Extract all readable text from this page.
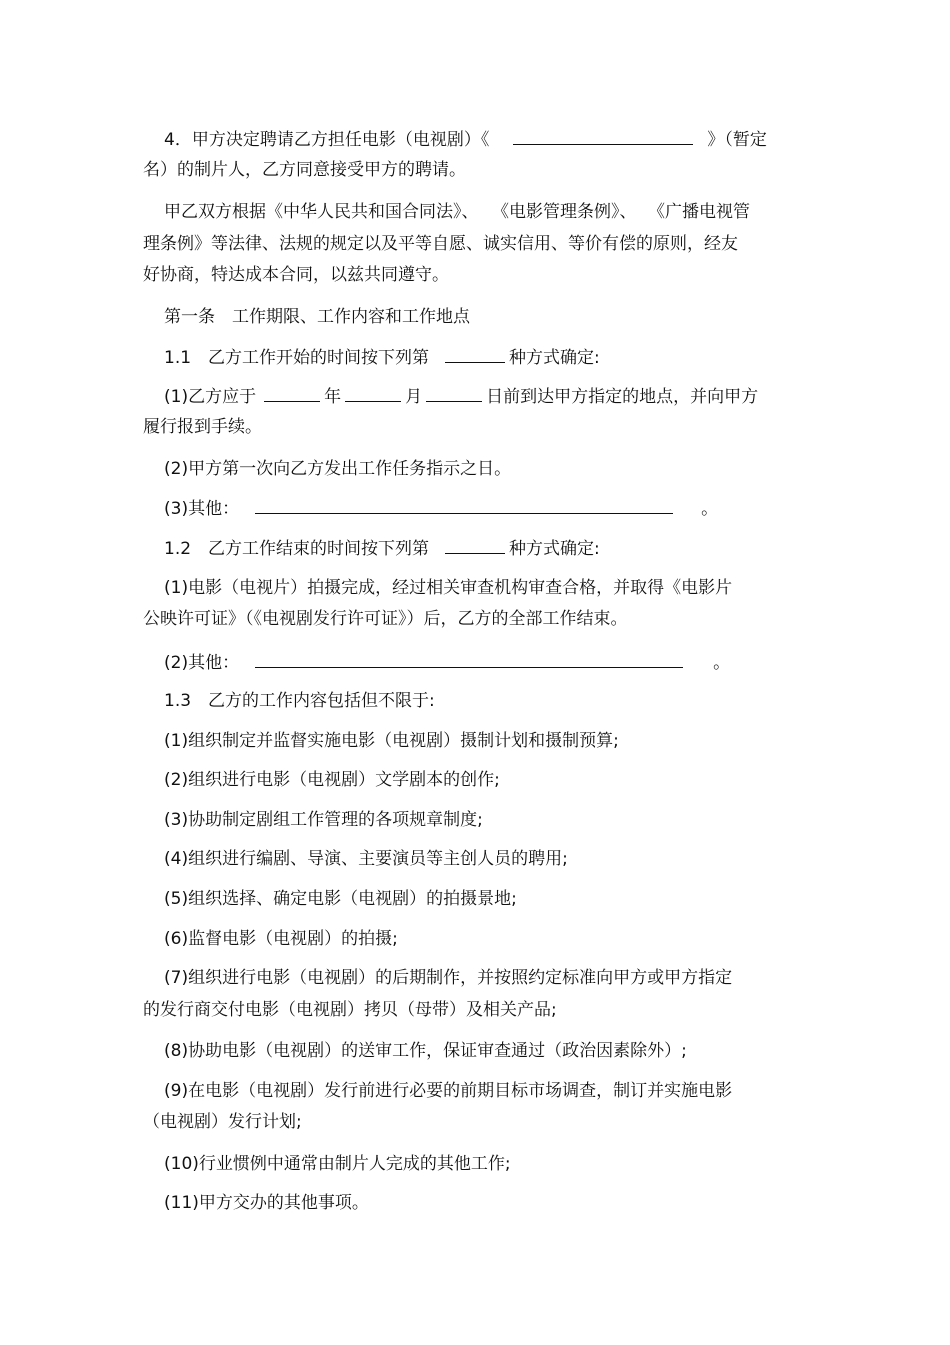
4．甲方决定聘请乙方担任电影（电视剧）《	》（暂定
名）的制片人，乙方同意接受甲方的聘请。
甲乙双方根据《中华人民共和国合同法》、 《电影管理条例》、 《广播电视管
理条例》等法律、法规的规定以及平等自愿、诚实信用、等价有偿的原则，经友
好协商，特达成本合同，以兹共同遵守。
第一条　工作期限、工作内容和工作地点
1.1　乙方工作开始的时间按下列第	种方式确定:
(1)乙方应于	年	月	日前到达甲方指定的地点，并向甲方
履行报到手续。
(2)甲方第一次向乙方发出工作任务指示之日。
(3)其他：	。
1.2　乙方工作结束的时间按下列第	种方式确定:
(1)电影（电视片）拍摄完成，经过相关审查机构审查合格，并取得《电影片
公映许可证》（《电视剧发行许可证》）后，乙方的全部工作结束。
(2)其他：	。
1.3　乙方的工作内容包括但不限于:
(1)组织制定并监督实施电影（电视剧）摄制计划和摄制预算;
(2)组织进行电影（电视剧）文学剧本的创作;
(3)协助制定剧组工作管理的各项规章制度;
(4)组织进行编剧、导演、主要演员等主创人员的聘用;
(5)组织选择、确定电影（电视剧）的拍摄景地;
(6)监督电影（电视剧）的拍摄;
(7)组织进行电影（电视剧）的后期制作，并按照约定标准向甲方或甲方指定
的发行商交付电影（电视剧）拷贝（母带）及相关产品;
(8)协助电影（电视剧）的送审工作，保证审查通过（政治因素除外）;
(9)在电影（电视剧）发行前进行必要的前期目标市场调查，制订并实施电影
（电视剧）发行计划;
(10)行业惯例中通常由制片人完成的其他工作;
(11)甲方交办的其他事项。
